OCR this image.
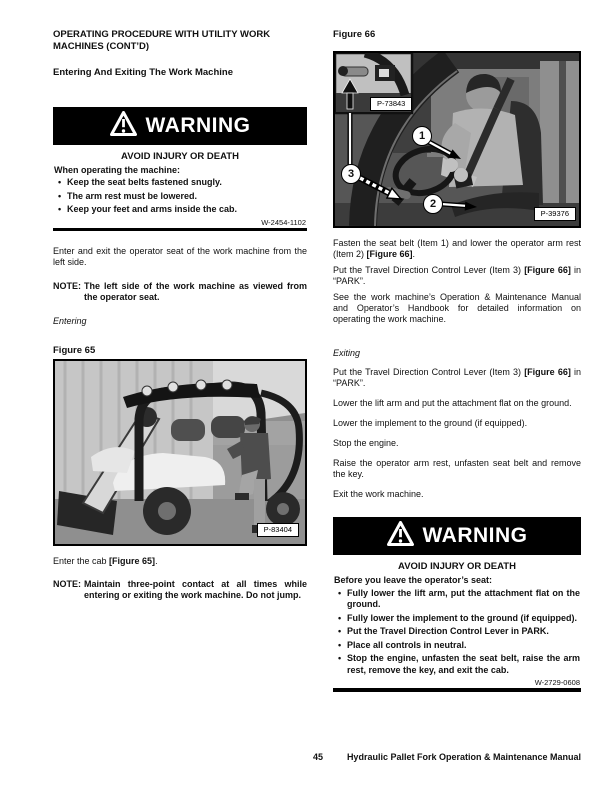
OPERATING PROCEDURE WITH UTILITY WORK MACHINES (CONT’D)
Entering And Exiting The Work Machine
WARNING
AVOID INJURY OR DEATH
When operating the machine:
• Keep the seat belts fastened snugly.
• The arm rest must be lowered.
• Keep your feet and arms inside the cab.
W-2454-1102

Enter and exit the operator seat of the work machine from the left side.

NOTE: The left side of the work machine as viewed from the operator seat.
Entering
Figure 65
P-83404

Enter the cab [Figure 65].

NOTE: Maintain three-point contact at all times while entering or exiting the work machine. Do not jump.
Figure 66
1
2
3
P-73843
P-39376

Fasten the seat belt (Item 1) and lower the operator arm rest (Item 2) [Figure 66].

Put the Travel Direction Control Lever (Item 3) [Figure 66] in “PARK”.

See the work machine’s Operation & Maintenance Manual and Operator’s Handbook for detailed information on operating the work machine.

Exiting

Put the Travel Direction Control Lever (Item 3) [Figure 66] in “PARK”.

Lower the lift arm and put the attachment flat on the ground.

Lower the implement to the ground (if equipped).

Stop the engine.

Raise the operator arm rest, unfasten seat belt and remove the key.

Exit the work machine.

WARNING
AVOID INJURY OR DEATH
Before you leave the operator’s seat:
• Fully lower the lift arm, put the attachment flat on the ground.
• Fully lower the implement to the ground (if equipped).
• Put the Travel Direction Control Lever in PARK.
• Place all controls in neutral.
• Stop the engine, unfasten the seat belt, raise the arm rest, remove the key, and exit the cab.
W-2729-0608
45	Hydraulic Pallet Fork Operation & Maintenance Manual
